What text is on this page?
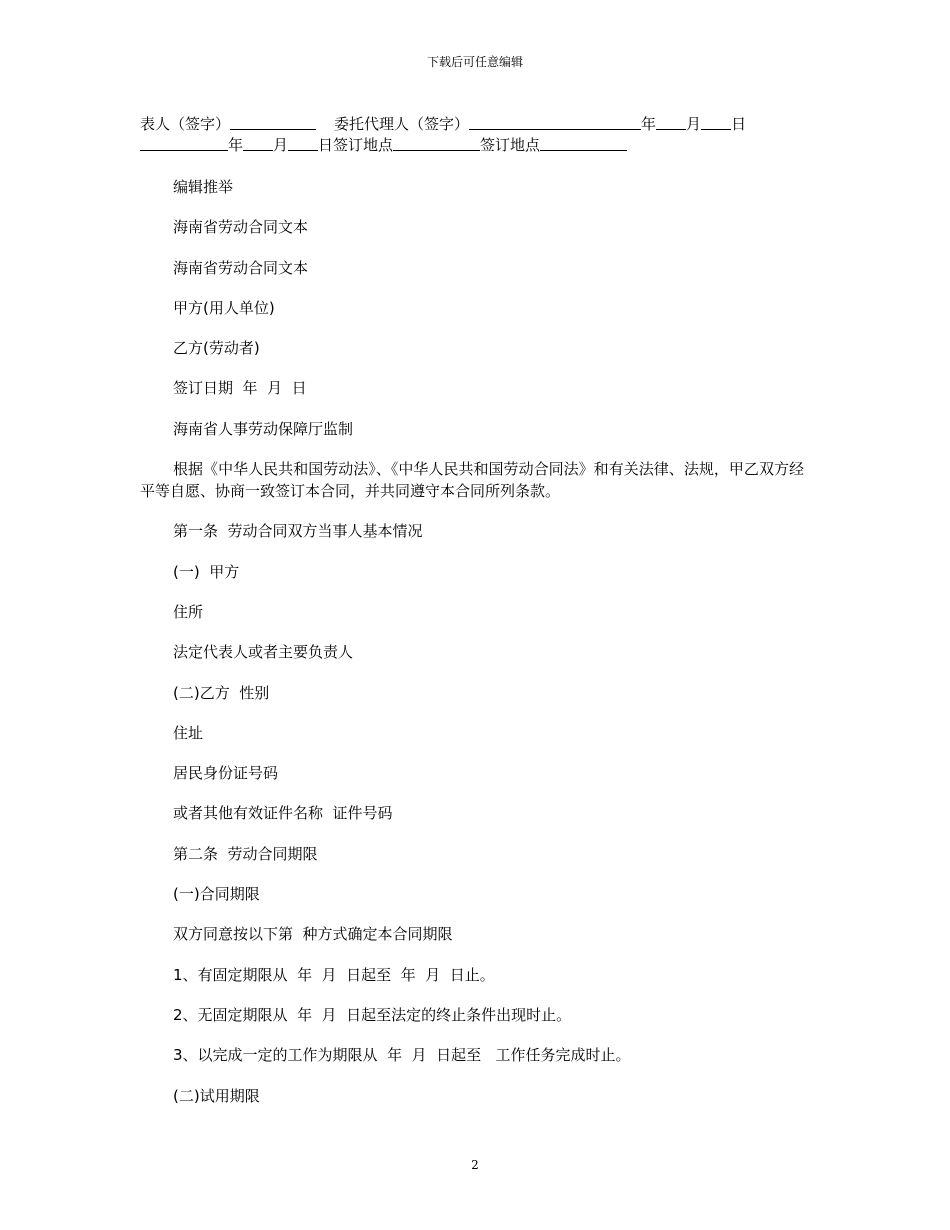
下载后可任意编辑
表人（签字）	委托代理人（签字）	年 月 日
年 月 日签订地点	签订地点

编辑推举

海南省劳动合同文本

海南省劳动合同文本

甲方(用人单位)

乙方(劳动者)

签订日期  年  月  日

海南省人事劳动保障厅监制

根据《中华人民共和国劳动法》、《中华人民共和国劳动合同法》和有关法律、法规，甲乙双方经平等自愿、协商一致签订本合同，并共同遵守本合同所列条款。

第一条  劳动合同双方当事人基本情况

(一)  甲方

住所

法定代表人或者主要负责人

(二)乙方  性别

住址

居民身份证号码

或者其他有效证件名称  证件号码

第二条  劳动合同期限

(一)合同期限

双方同意按以下第  种方式确定本合同期限

1、有固定期限从  年  月  日起至  年  月  日止。

2、无固定期限从  年  月  日起至法定的终止条件出现时止。

3、以完成一定的工作为期限从  年  月  日起至   工作任务完成时止。

(二)试用期限

2
